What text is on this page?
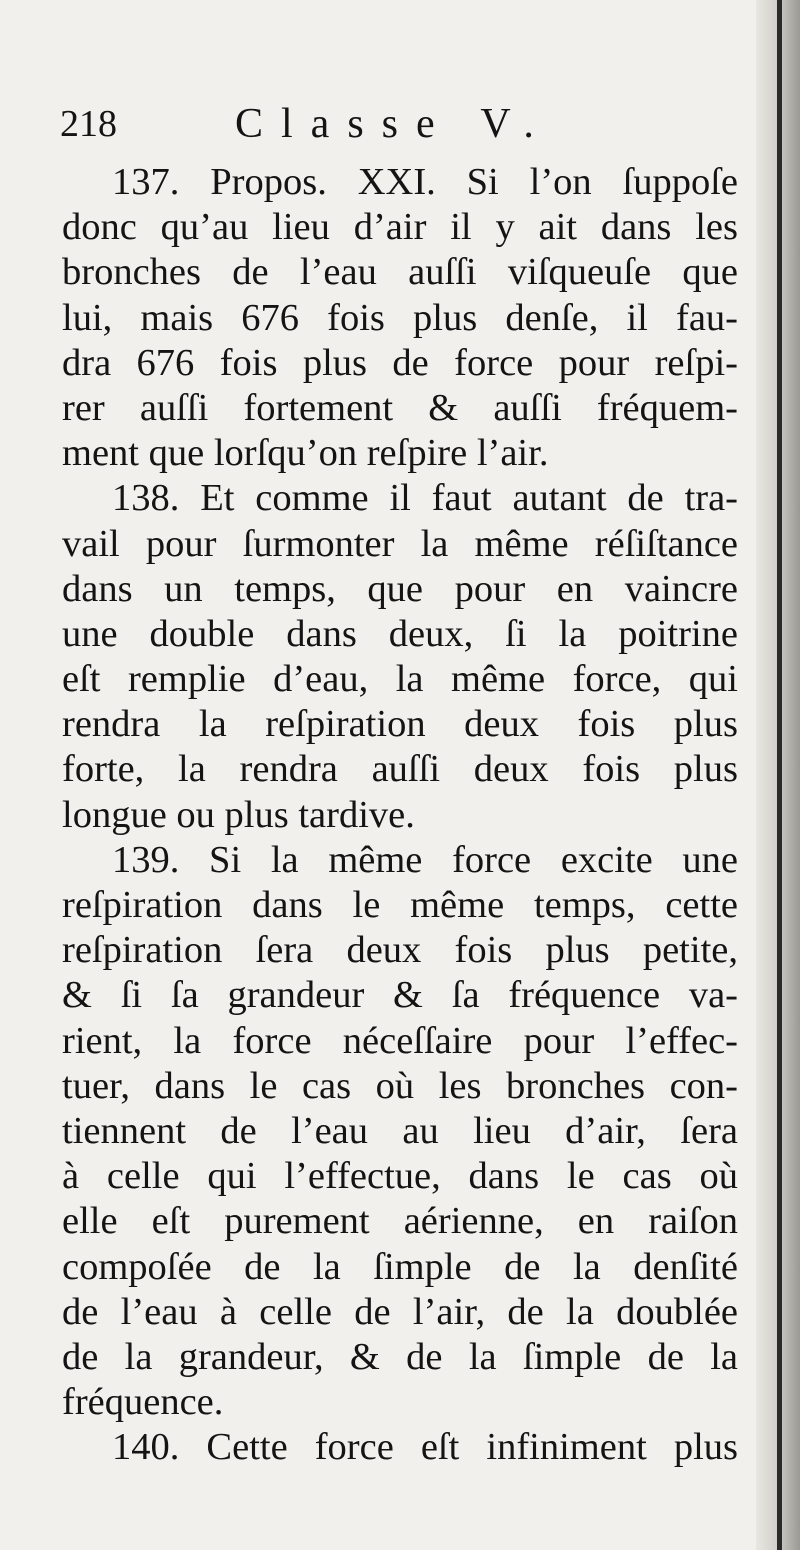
218	Classe V.
137. Propos. XXI. Si l’on ſuppoſe
donc qu’au lieu d’air il y ait dans les
bronches de l’eau auſſi viſqueuſe que
lui, mais 676 fois plus denſe, il fau-
dra 676 fois plus de force pour reſpi-
rer auſſi fortement & auſſi fréquem-
ment que lorſqu’on reſpire l’air.
138. Et comme il faut autant de tra-
vail pour ſurmonter la même réſiſtance
dans un temps, que pour en vaincre
une double dans deux, ſi la poitrine
eſt remplie d’eau, la même force, qui
rendra la reſpiration deux fois plus
forte, la rendra auſſi deux fois plus
longue ou plus tardive.
139. Si la même force excite une
reſpiration dans le même temps, cette
reſpiration ſera deux fois plus petite,
& ſi ſa grandeur & ſa fréquence va-
rient, la force néceſſaire pour l’effec-
tuer, dans le cas où les bronches con-
tiennent de l’eau au lieu d’air, ſera
à celle qui l’effectue, dans le cas où
elle eſt purement aérienne, en raiſon
compoſée de la ſimple de la denſité
de l’eau à celle de l’air, de la doublée
de la grandeur, & de la ſimple de la
fréquence.
140. Cette force eſt infiniment plus
